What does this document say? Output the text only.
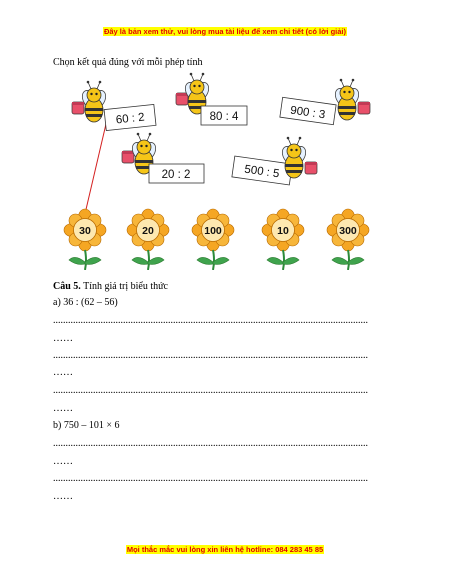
Đây là bản xem thử, vui lòng mua tài liệu để xem chi tiết (có lời giải)
Chọn kết quả đúng với mỗi phép tính
60 : 2	80 : 4	900 : 3
20 : 2	500 : 5
30	20	100	10	300
Câu 5. Tính giá trị biểu thức
a) 36 : (62 – 56)
..............................................................................................................................
……
..............................................................................................................................
……
..............................................................................................................................
……
b) 750 – 101 × 6
..............................................................................................................................
……
..............................................................................................................................
……
Mọi thắc mắc vui lòng xin liên hệ hotline: 084 283 45 85
